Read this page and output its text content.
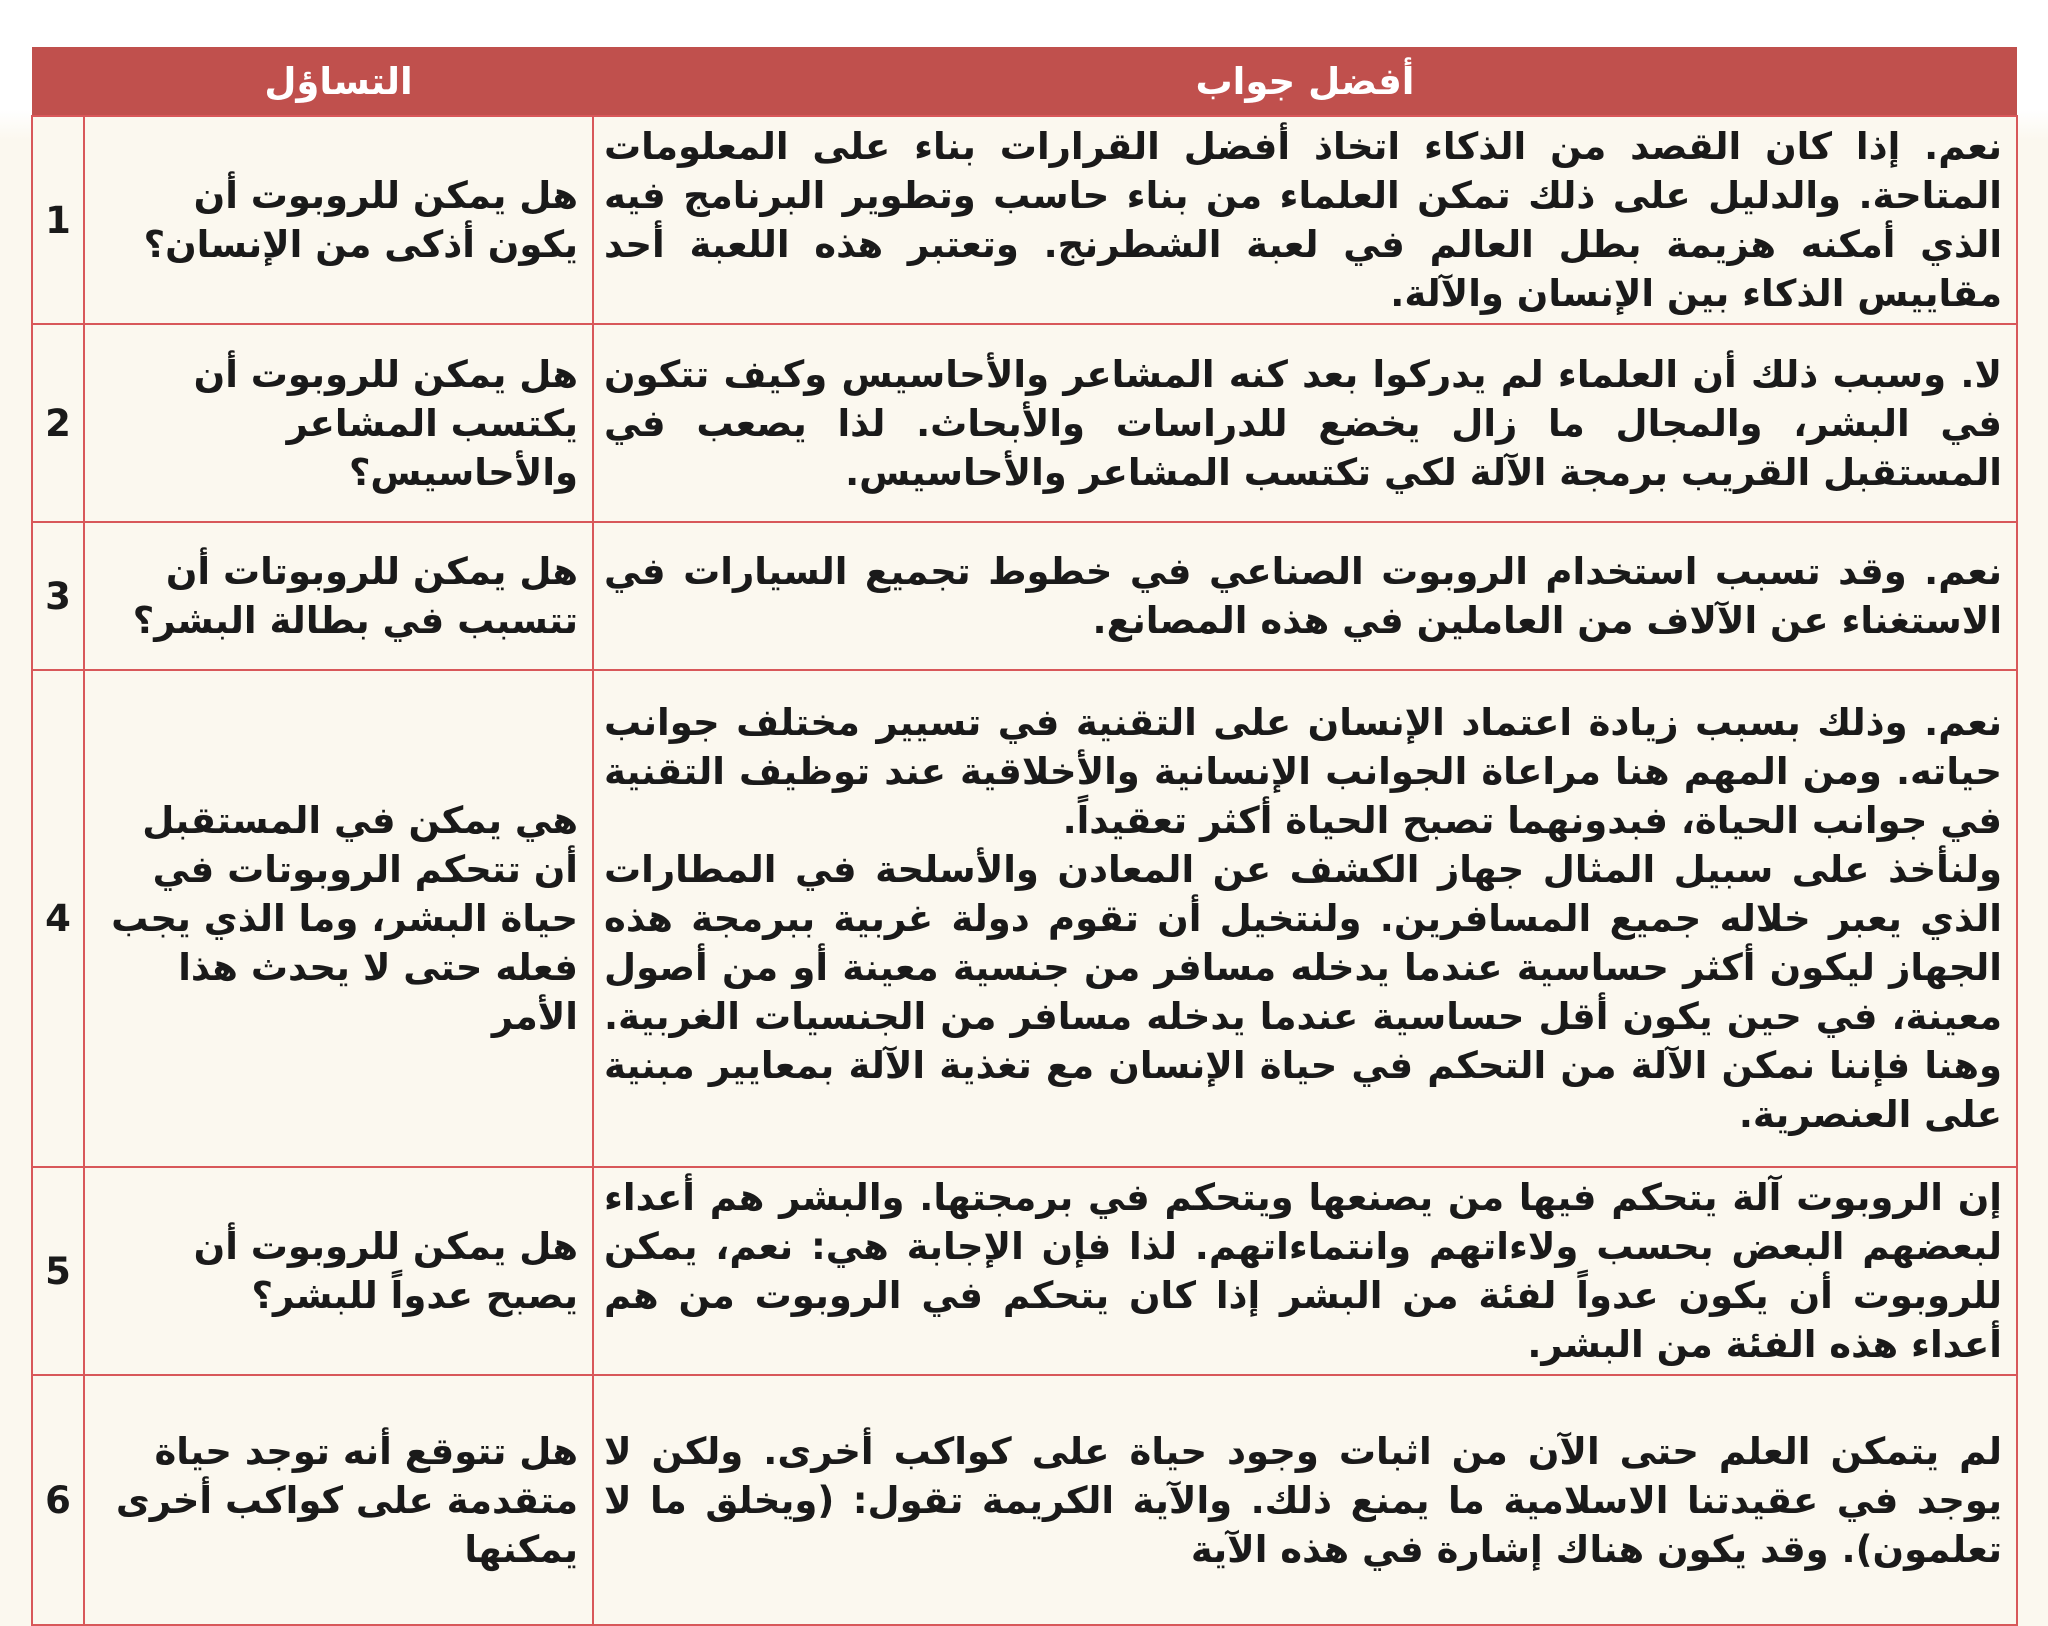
	التساؤل	أفضل جواب
1	هل يمكن للروبوت أن يكون أذكى من الإنسان؟	نعم. إذا كان القصد من الذكاء اتخاذ أفضل القرارات بناء على المعلومات المتاحة. والدليل على ذلك تمكن العلماء من بناء حاسب وتطوير البرنامج فيه الذي أمكنه هزيمة بطل العالم في لعبة الشطرنج. وتعتبر هذه اللعبة أحد مقاييس الذكاء بين الإنسان والآلة.

2	هل يمكن للروبوت أن يكتسب المشاعر والأحاسيس؟	لا. وسبب ذلك أن العلماء لم يدركوا بعد كنه المشاعر والأحاسيس وكيف تتكون في البشر، والمجال ما زال يخضع للدراسات والأبحاث. لذا يصعب في المستقبل القريب برمجة الآلة لكي تكتسب المشاعر والأحاسيس.

3	هل يمكن للروبوتات أن تتسبب في بطالة البشر؟	نعم. وقد تسبب استخدام الروبوت الصناعي في خطوط تجميع السيارات في الاستغناء عن الآلاف من العاملين في هذه المصانع.

4	هي يمكن في المستقبل أن تتحكم الروبوتات في حياة البشر، وما الذي يجب فعله حتى لا يحدث هذا الأمر	نعم. وذلك بسبب زيادة اعتماد الإنسان على التقنية في تسيير مختلف جوانب حياته. ومن المهم هنا مراعاة الجوانب الإنسانية والأخلاقية عند توظيف التقنية في جوانب الحياة، فبدونهما تصبح الحياة أكثر تعقيداً.

ولنأخذ على سبيل المثال جهاز الكشف عن المعادن والأسلحة في المطارات الذي يعبر خلاله جميع المسافرين. ولنتخيل أن تقوم دولة غربية ببرمجة هذه الجهاز ليكون أكثر حساسية عندما يدخله مسافر من جنسية معينة أو من أصول معينة، في حين يكون أقل حساسية عندما يدخله مسافر من الجنسيات الغربية. وهنا فإننا نمكن الآلة من التحكم في حياة الإنسان مع تغذية الآلة بمعايير مبنية على العنصرية.

5	هل يمكن للروبوت أن يصبح عدواً للبشر؟	إن الروبوت آلة يتحكم فيها من يصنعها ويتحكم في برمجتها. والبشر هم أعداء لبعضهم البعض بحسب ولاءاتهم وانتماءاتهم. لذا فإن الإجابة هي: نعم، يمكن للروبوت أن يكون عدواً لفئة من البشر إذا كان يتحكم في الروبوت من هم أعداء هذه الفئة من البشر.

6	هل تتوقع أنه توجد حياة متقدمة على كواكب أخرى يمكنها	لم يتمكن العلم حتى الآن من اثبات وجود حياة على كواكب أخرى. ولكن لا يوجد في عقيدتنا الاسلامية ما يمنع ذلك. والآية الكريمة تقول: (ويخلق ما لا تعلمون). وقد يكون هناك إشارة في هذه الآية
